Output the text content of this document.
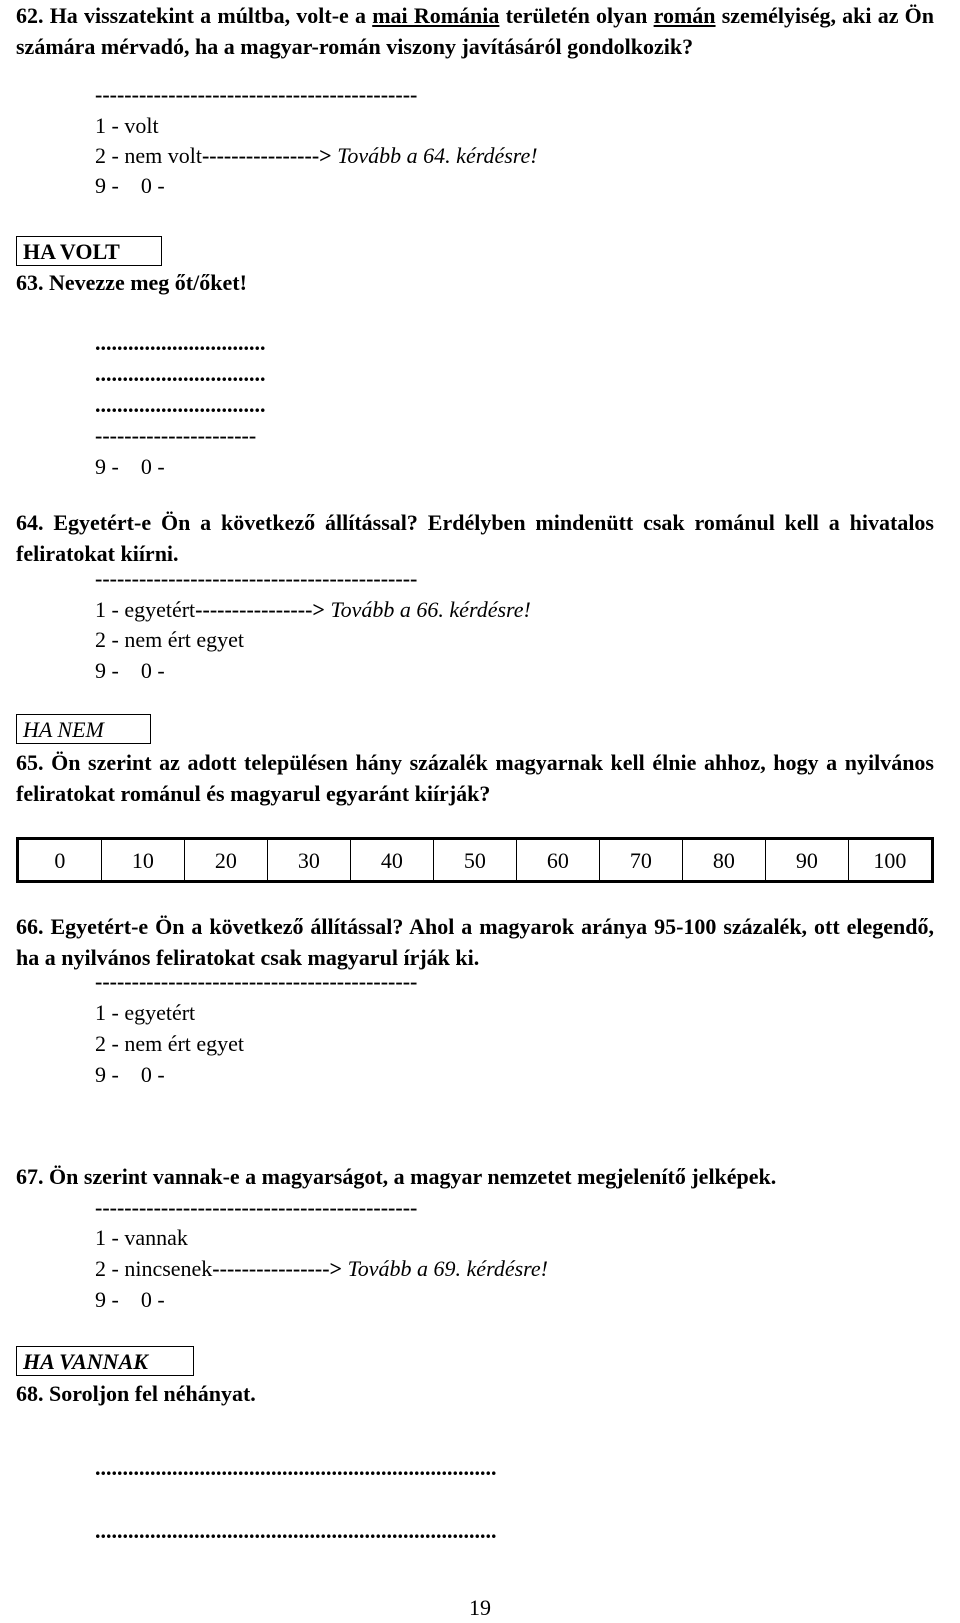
62. Ha visszatekint a múltba, volt-e a mai Románia területén olyan román személyiség, aki az Ön számára mérvadó, ha a magyar-román viszony javításáról gondolkozik?
--------------------------------------------
1 - volt
2 - nem volt----------------> Tovább a 64. kérdésre!
9 -    0 -
HA VOLT
63. Nevezze meg őt/őket!
...............................
...............................
...............................
----------------------
9 -    0 -
64. Egyetért-e Ön a következő állítással? Erdélyben mindenütt csak románul kell a hivatalos feliratokat kiírni.
--------------------------------------------
1 - egyetért----------------> Tovább a 66. kérdésre!
2 - nem ért egyet
9 -    0 -
HA NEM
65. Ön szerint az adott településen hány százalék magyarnak kell élnie ahhoz, hogy a nyilvános feliratokat románul és magyarul egyaránt kiírják?
0	10	20	30	40	50	60	70	80	90	100
66. Egyetért-e Ön a következő állítással? Ahol a magyarok aránya 95-100 százalék, ott elegendő, ha a nyilvános feliratokat csak magyarul írják ki.
--------------------------------------------
1 - egyetért
2 - nem ért egyet
9 -    0 -
67. Ön szerint vannak-e a magyarságot, a magyar nemzetet megjelenítő jelképek.
--------------------------------------------
1 - vannak
2 - nincsenek----------------> Tovább a 69. kérdésre!
9 -    0 -
HA VANNAK
68. Soroljon fel néhányat.
.........................................................................
.........................................................................
19
